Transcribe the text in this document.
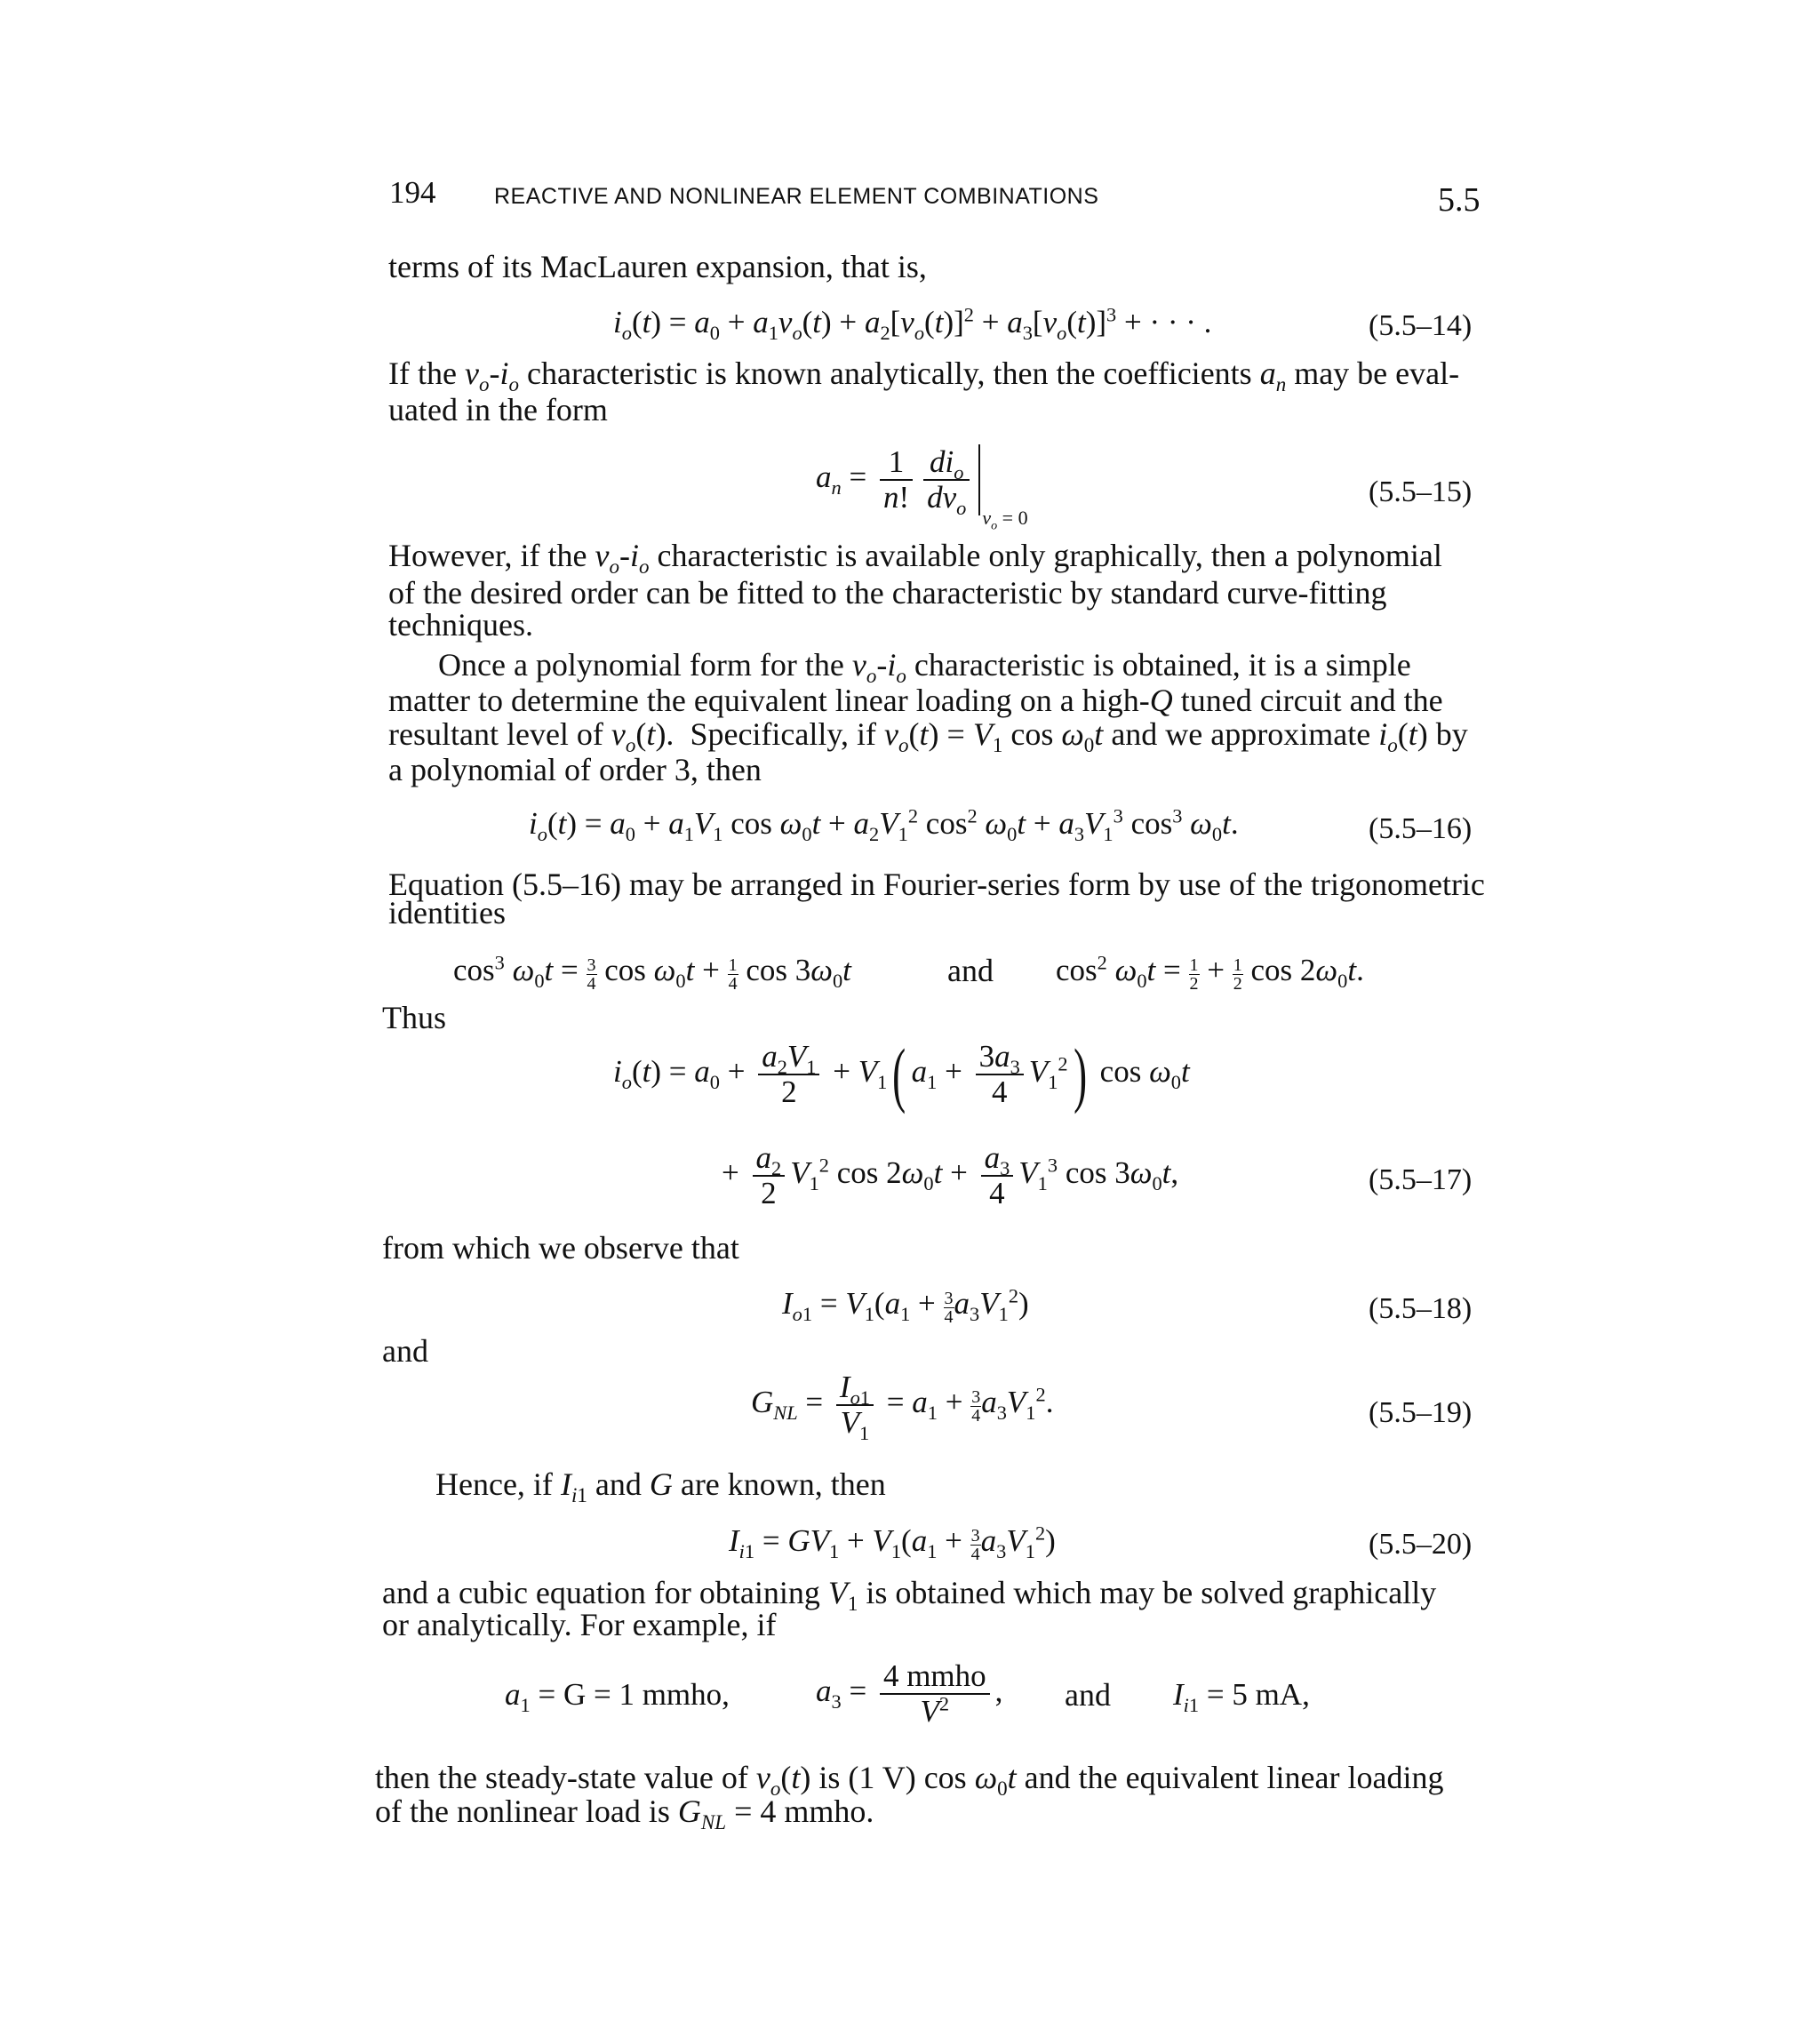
194	REACTIVE AND NONLINEAR ELEMENT COMBINATIONS	5.5
terms of its MacLauren expansion, that is,
$i_o(t) = a_0 + a_1v_o(t) + a_2[v_o(t)]^2 + a_3[v_o(t)]^3$ + · · · .	(5.5–14)
If the $v_o-i_o$ characteristic is known analytically, then the coefficients $a_n$ may be eval-
uated in the form
$a_n = \frac{1}{n!} \frac{di_o}{dv_o}$
$v_o = 0$
(5.5–15)
However, if the $v_o-i_o$ characteristic is available only graphically, then a polynomial
of the desired order can be fitted to the characteristic by standard curve-fitting
techniques.
Once a polynomial form for the $v_o-i_o$ characteristic is obtained, it is a simple
matter to determine the equivalent linear loading on a high-Q tuned circuit and the
resultant level of $v_o(t)$.  Specifically, if $v_o(t) = V_1$ $\cos \omega_0t$ and we approximate $i_o(t)$ by
a polynomial of order 3, then
$i_o(t) = a_0 + a_1V_1$ $\cos \omega_0t + a_2V_1^2$ $\cos^2 \omega_0t + a_3V_1^3$ $\cos^3 \omega_0t$.	(5.5–16)
Equation (5.5–16) may be arranged in Fourier-series form by use of the trigonometric
identities
$\cos^3 \omega_0t = \frac{3}{4}$ $\cos \omega_0t + \frac{1}{4}$ $\cos 3\omega_0t$	and $\cos^2 \omega_0t = \frac{1}{2} + \frac{1}{2}$ $\cos 2\omega_0t$.
Thus
$i_o(t) = a_0 + \frac{a_2V_1}{2} + V_1$( $a_1 + \frac{3a_3}{4} V_1^2$) $\cos \omega_0t$
+ $\frac{a_2}{2} V_1^2$ $\cos 2\omega_0t + \frac{a_3}{4} V_1^3$ $\cos 3\omega_0t$,	(5.5–17)
from which we observe that
$I_{o1} = V_1(a_1 + \frac{3}{4} a_3V_1^2)$	(5.5–18)
and
$G_{NL} = \frac{I_{o1}}{V_1} = a_1 + \frac{3}{4} a_3V_1^2$.	(5.5–19)
Hence, if $I_{i1}$ and G are known, then
$I_{i1} = GV_1 + V_1(a_1 + \frac{3}{4} a_3V_1^2)$	(5.5–20)
and a cubic equation for obtaining $V_1$ is obtained which may be solved graphically
or analytically. For example, if
$a_1 = G = 1$ mmho,	$a_3 = \frac{\text{4 mmho}}{V^2}$ , and $I_{i1} = 5$ mA,
then the steady-state value of $v_o(t)$ is (1 V) $\cos \omega_0t$ and the equivalent linear loading
of the nonlinear load is $G_{NL} = 4$ mmho.
